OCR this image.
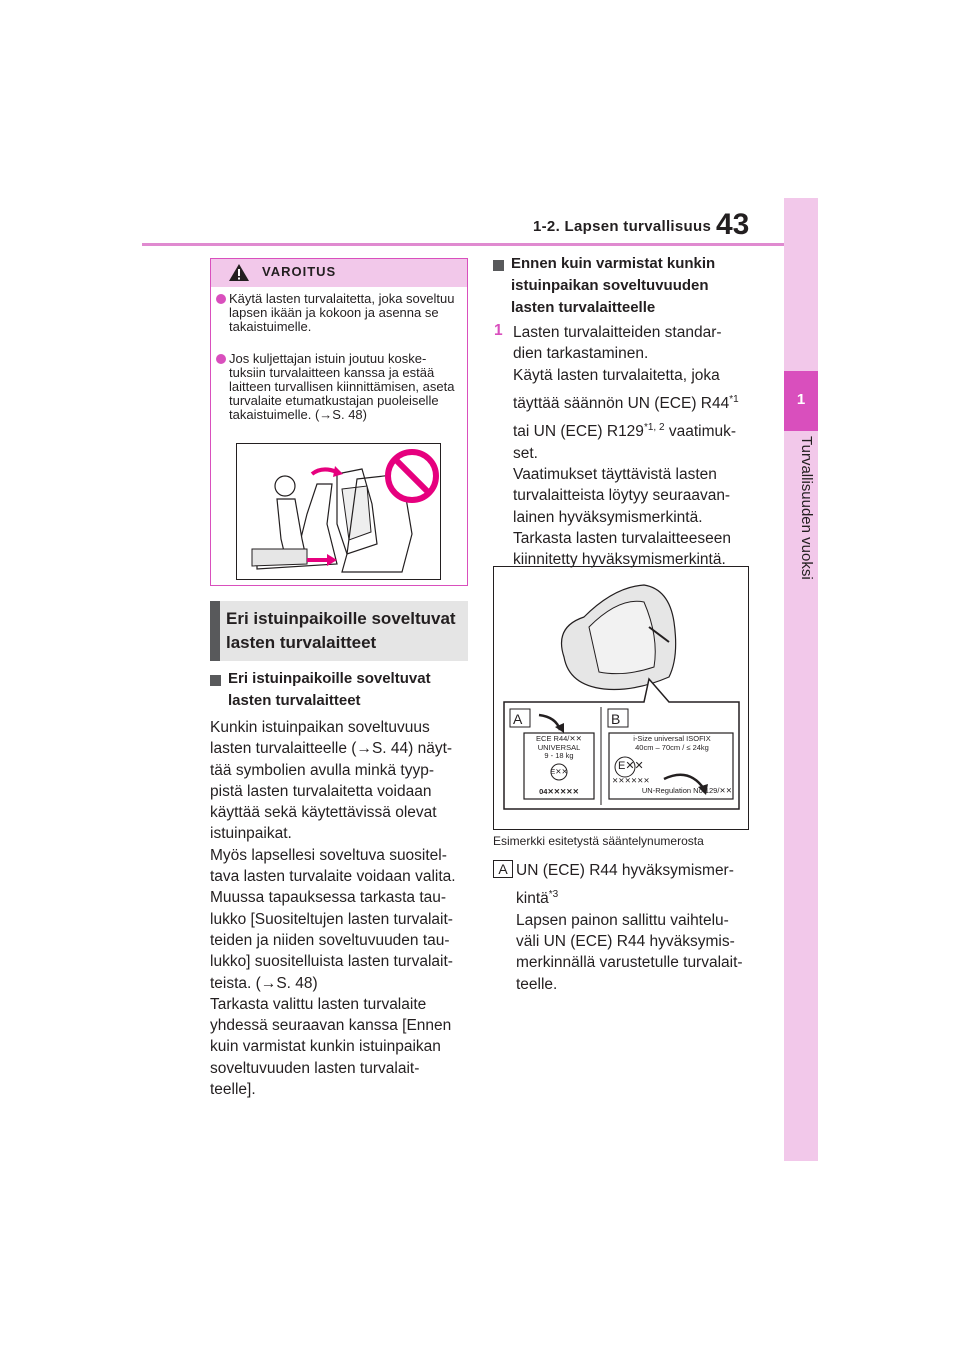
1-2. Lapsen turvallisuus 43
1
Turvallisuuden vuoksi
VAROITUS
Käytä lasten turvalaitetta, joka soveltuu lapsen ikään ja kokoon ja asenna se takaistuimelle.
Jos kuljettajan istuin joutuu koske- tuksiin turvalaitteen kanssa ja estää laitteen turvallisen kiinnittämisen, aseta turvalaite etumatkustajan puoleiselle takaistuimelle. (→S. 48)
Eri istuinpaikoille soveltuvat lasten turvalaitteet
Eri istuinpaikoille soveltuvat lasten turvalaitteet
Kunkin istuinpaikan soveltuvuus
lasten turvalaitteelle (→S. 44) näyt-
tää symbolien avulla minkä tyyp-
pistä lasten turvalaitetta voidaan
käyttää sekä käytettävissä olevat
istuinpaikat.
Myös lapsellesi soveltuva suositel-
tava lasten turvalaite voidaan valita.
Muussa tapauksessa tarkasta tau-
lukko [Suositeltujen lasten turvalait-
teiden ja niiden soveltuvuuden tau-
lukko] suositelluista lasten turvalait-
teista. (→S. 48)
Tarkasta valittu lasten turvalaite
yhdessä seuraavan kanssa [Ennen
kuin varmistat kunkin istuinpaikan
soveltuvuuden lasten turvalait-
teelle].
Ennen kuin varmistat kunkin
istuinpaikan soveltuvuuden
lasten turvalaitteelle
1 Lasten turvalaitteiden standar-
dien tarkastaminen.
Käytä lasten turvalaitetta, joka
täyttää säännön UN (ECE) R44$^{*1}$
tai UN (ECE) R129$^{*1, 2}$ vaatimuk-
set.
Vaatimukset täyttävistä lasten
turvalaitteista löytyy seuraavan-
lainen hyväksymismerkintä.
Tarkasta lasten turvalaitteeseen
kiinnitetty hyväksymismerkintä.
A	B
ECE R44/✕✕
UNIVERSAL
9 - 18 kg
E✕✕
04✕✕✕✕✕
i-Size universal ISOFIX
40cm – 70cm / ≤ 24kg
E✕✕
✕✕✕✕✕✕
UN-Regulation No.129/✕✕
Esimerkki esitetystä sääntelynumerosta
A UN (ECE) R44 hyväksymismer-
kintä$^{*3}$
Lapsen painon sallittu vaihtelu-
väli UN (ECE) R44 hyväksymis-
merkinnällä varustetulle turvalait-
teelle.
